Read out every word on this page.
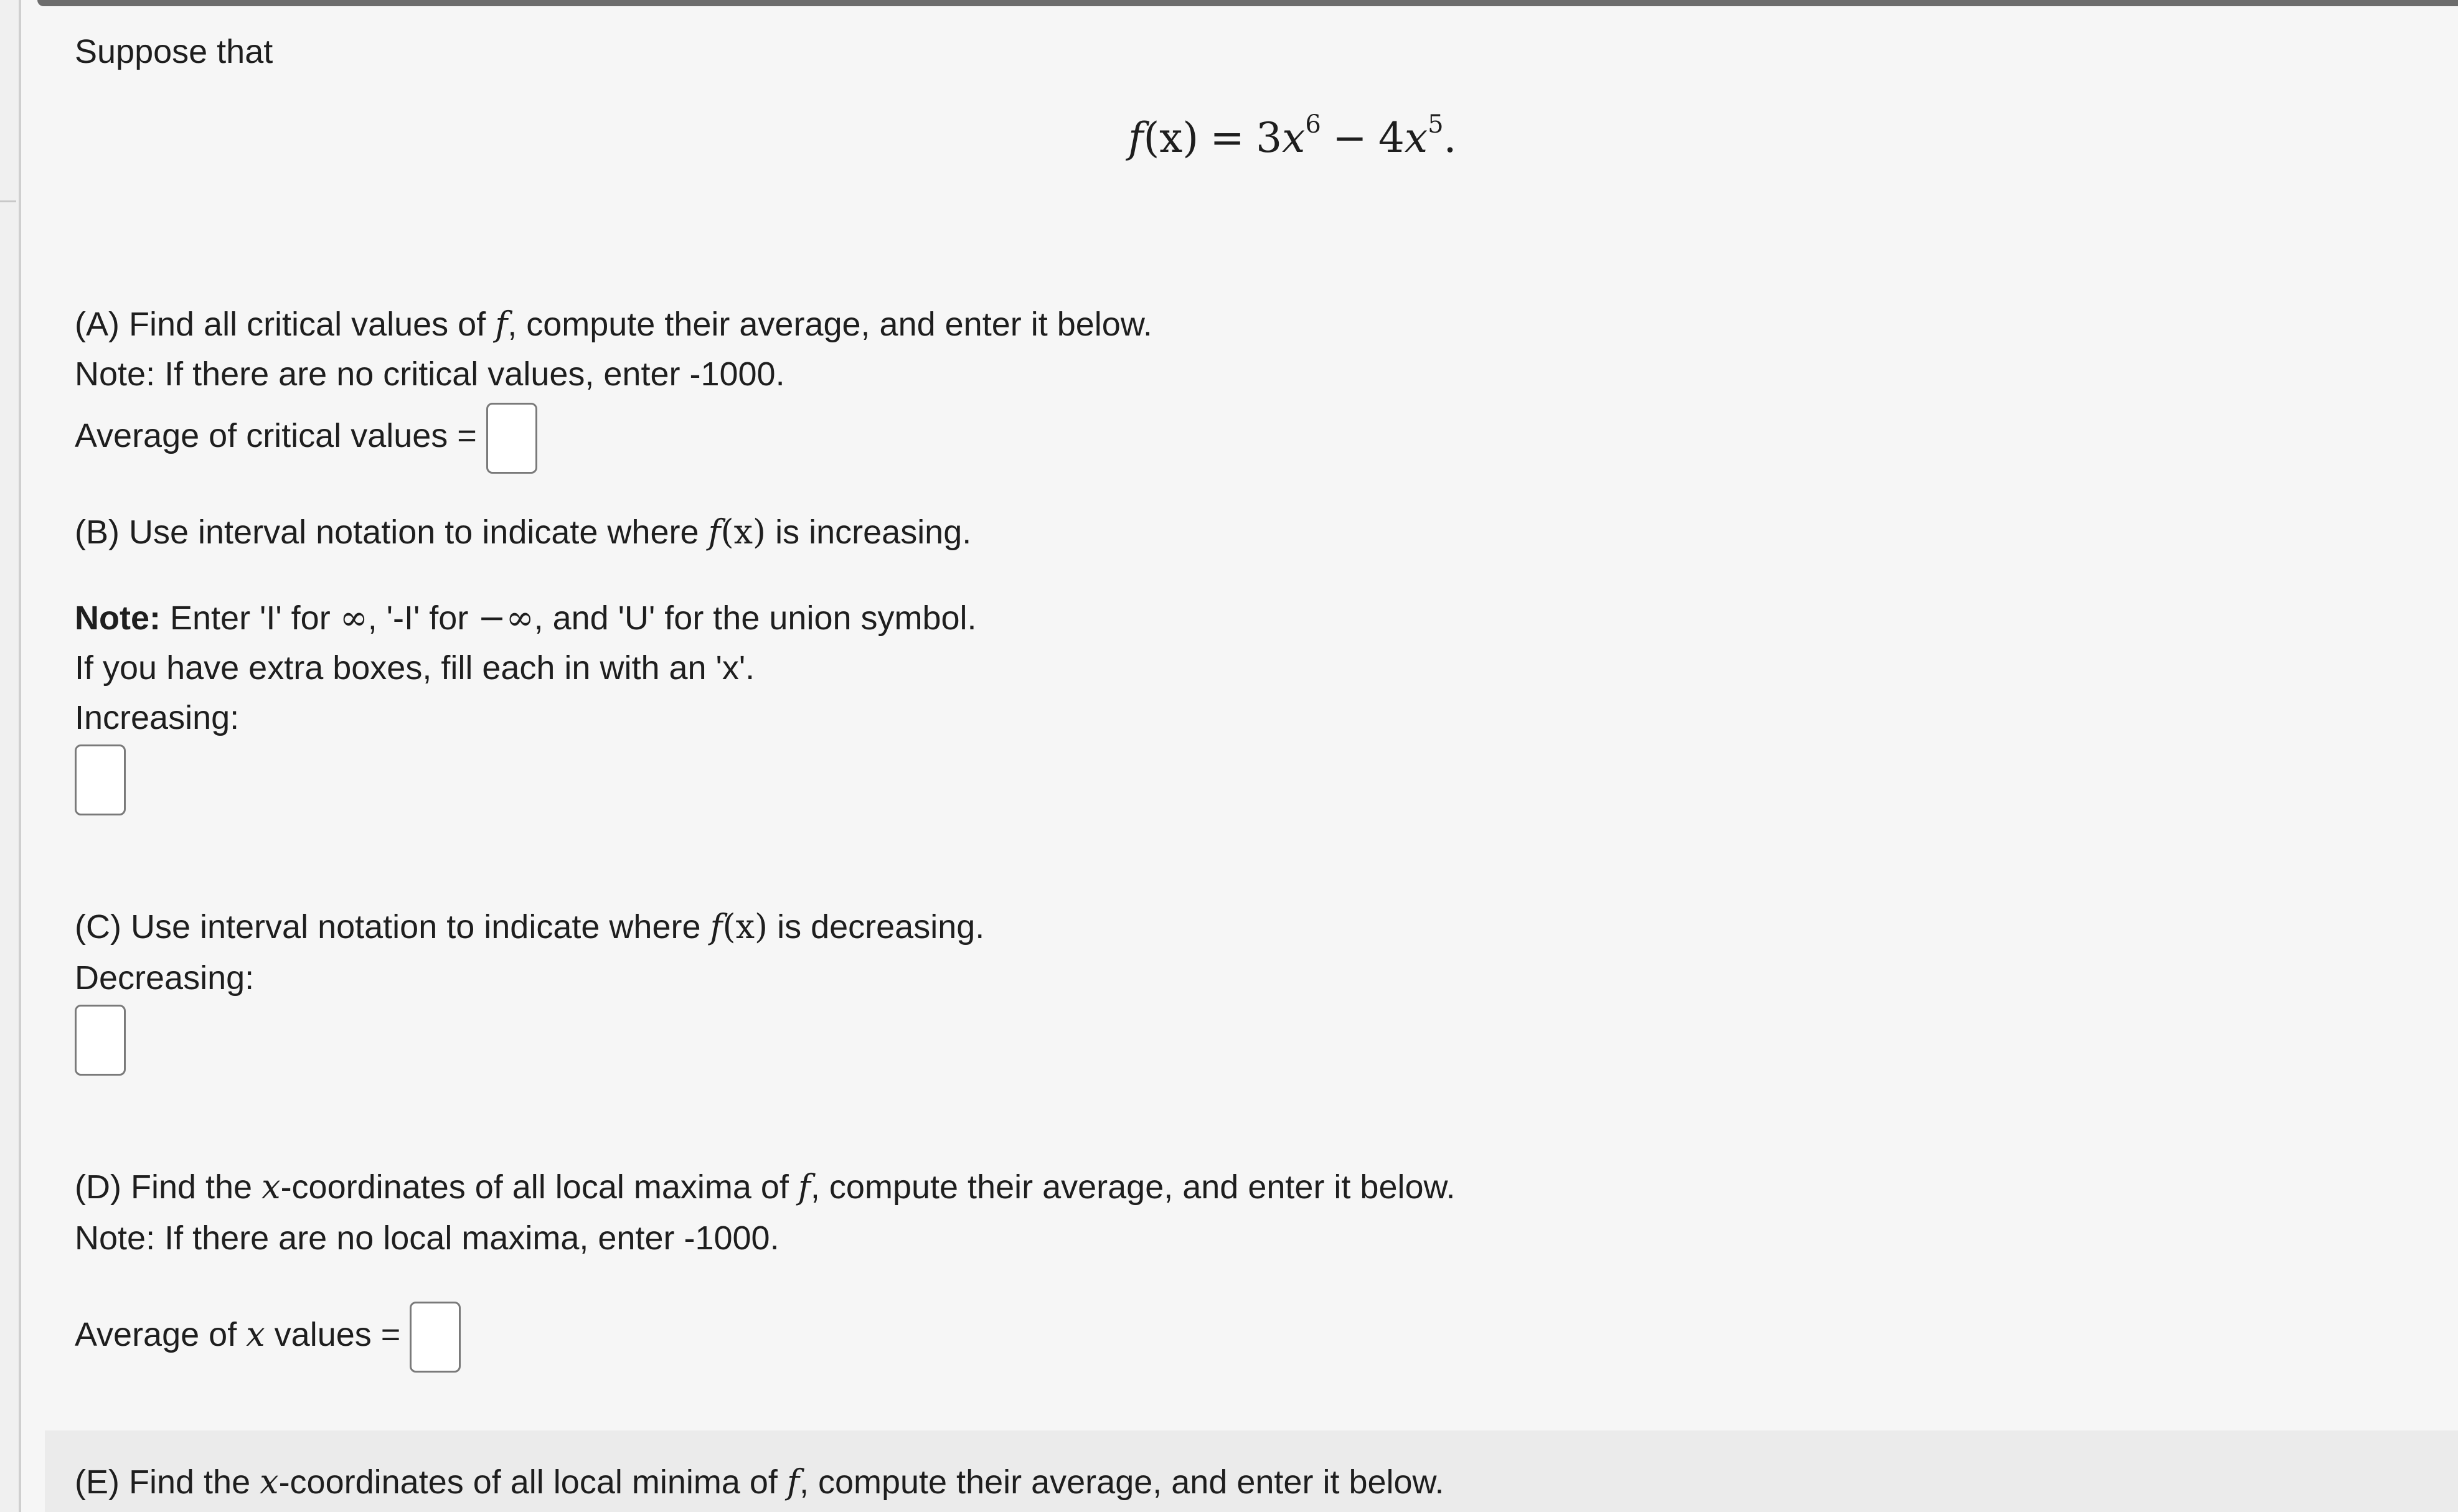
Suppose that
$f(x) = 3x^6 - 4x^5$.
(A) Find all critical values of f, compute their average, and enter it below.
Note: If there are no critical values, enter -1000.
Average of critical values =
(B) Use interval notation to indicate where f(x) is increasing.
Note: Enter 'I' for ∞, '-I' for −∞, and 'U' for the union symbol.
If you have extra boxes, fill each in with an 'x'.
Increasing:
(C) Use interval notation to indicate where f(x) is decreasing.
Decreasing:
(D) Find the x-coordinates of all local maxima of f, compute their average, and enter it below.
Note: If there are no local maxima, enter -1000.
Average of x values =
(E) Find the x-coordinates of all local minima of f, compute their average, and enter it below.
